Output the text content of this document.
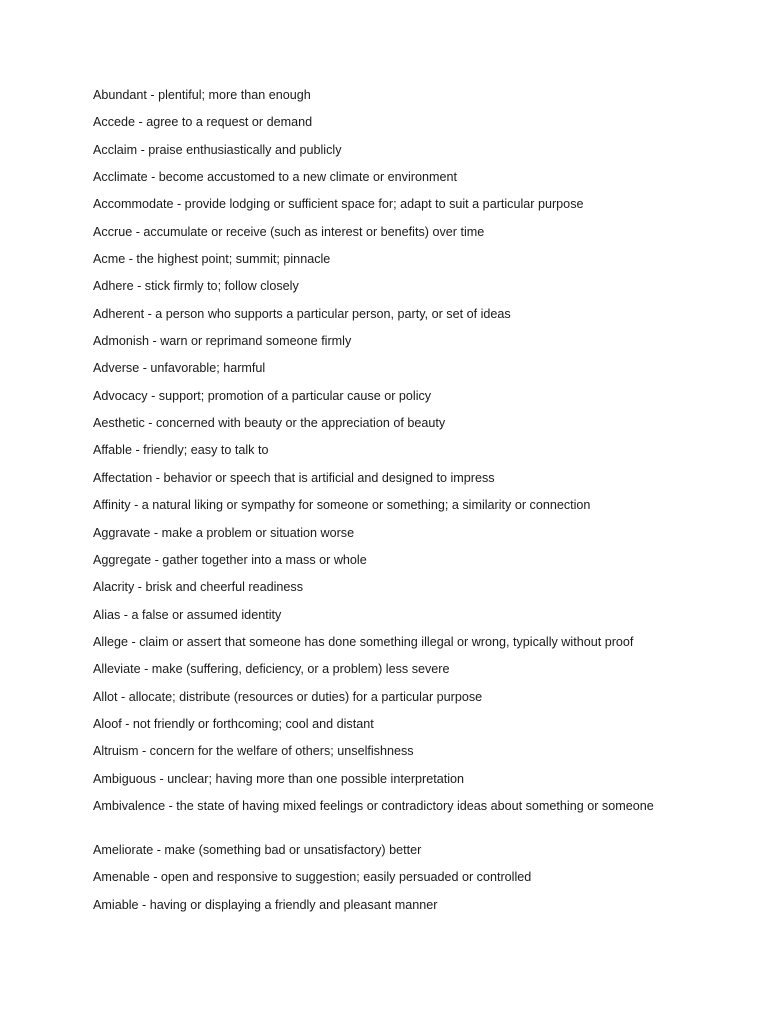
Abundant - plentiful; more than enough
Accede - agree to a request or demand
Acclaim - praise enthusiastically and publicly
Acclimate - become accustomed to a new climate or environment
Accommodate - provide lodging or sufficient space for; adapt to suit a particular purpose
Accrue - accumulate or receive (such as interest or benefits) over time
Acme - the highest point; summit; pinnacle
Adhere - stick firmly to; follow closely
Adherent - a person who supports a particular person, party, or set of ideas
Admonish - warn or reprimand someone firmly
Adverse - unfavorable; harmful
Advocacy - support; promotion of a particular cause or policy
Aesthetic - concerned with beauty or the appreciation of beauty
Affable - friendly; easy to talk to
Affectation - behavior or speech that is artificial and designed to impress
Affinity - a natural liking or sympathy for someone or something; a similarity or connection
Aggravate - make a problem or situation worse
Aggregate - gather together into a mass or whole
Alacrity - brisk and cheerful readiness
Alias - a false or assumed identity
Allege - claim or assert that someone has done something illegal or wrong, typically without proof
Alleviate - make (suffering, deficiency, or a problem) less severe
Allot - allocate; distribute (resources or duties) for a particular purpose
Aloof - not friendly or forthcoming; cool and distant
Altruism - concern for the welfare of others; unselfishness
Ambiguous - unclear; having more than one possible interpretation
Ambivalence - the state of having mixed feelings or contradictory ideas about something or someone
Ameliorate - make (something bad or unsatisfactory) better
Amenable - open and responsive to suggestion; easily persuaded or controlled
Amiable - having or displaying a friendly and pleasant manner
